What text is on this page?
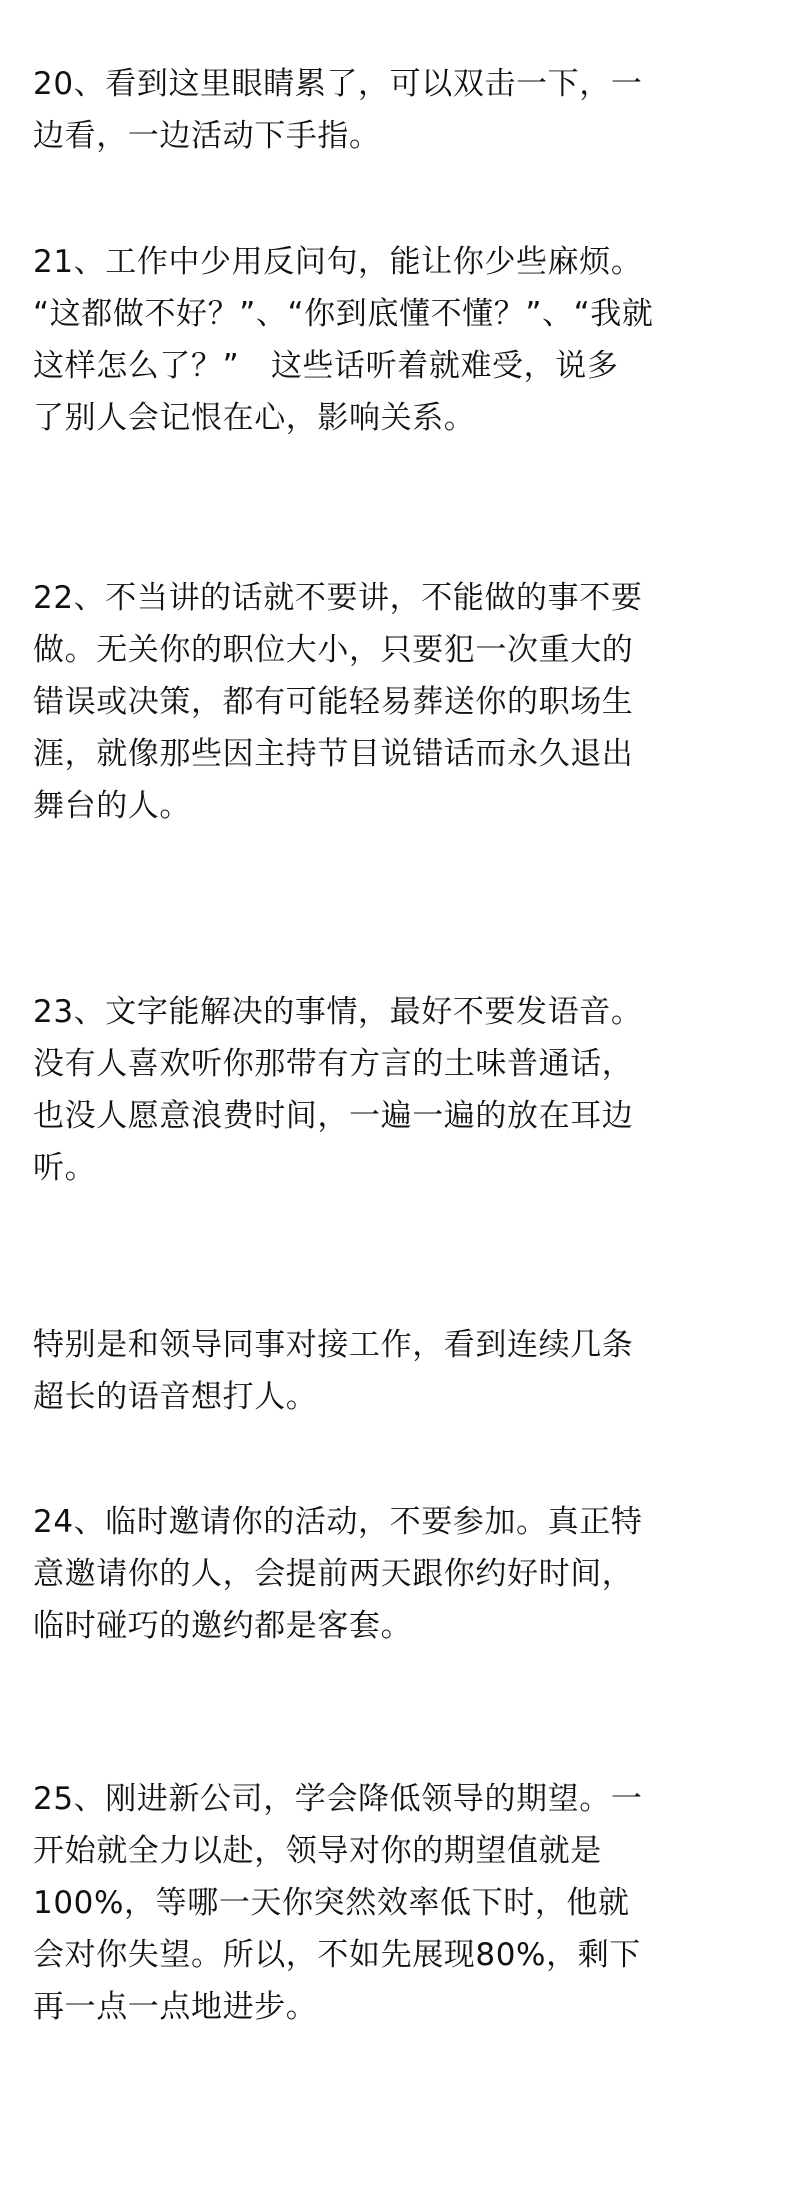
20、看到这里眼睛累了，可以双击一下，一
边看，一边活动下手指。
21、工作中少用反问句，能让你少些麻烦。
“这都做不好？”、“你到底懂不懂？”、“我就
这样怎么了？”　这些话听着就难受，说多
了别人会记恨在心，影响关系。
22、不当讲的话就不要讲，不能做的事不要
做。无关你的职位大小，只要犯一次重大的
错误或决策，都有可能轻易葬送你的职场生
涯，就像那些因主持节目说错话而永久退出
舞台的人。
23、文字能解决的事情，最好不要发语音。
没有人喜欢听你那带有方言的土味普通话，
也没人愿意浪费时间，一遍一遍的放在耳边
听。
特别是和领导同事对接工作，看到连续几条
超长的语音想打人。
24、临时邀请你的活动，不要参加。真正特
意邀请你的人，会提前两天跟你约好时间，
临时碰巧的邀约都是客套。
25、刚进新公司，学会降低领导的期望。一
开始就全力以赴，领导对你的期望值就是
100%，等哪一天你突然效率低下时，他就
会对你失望。所以，不如先展现80%，剩下
再一点一点地进步。
